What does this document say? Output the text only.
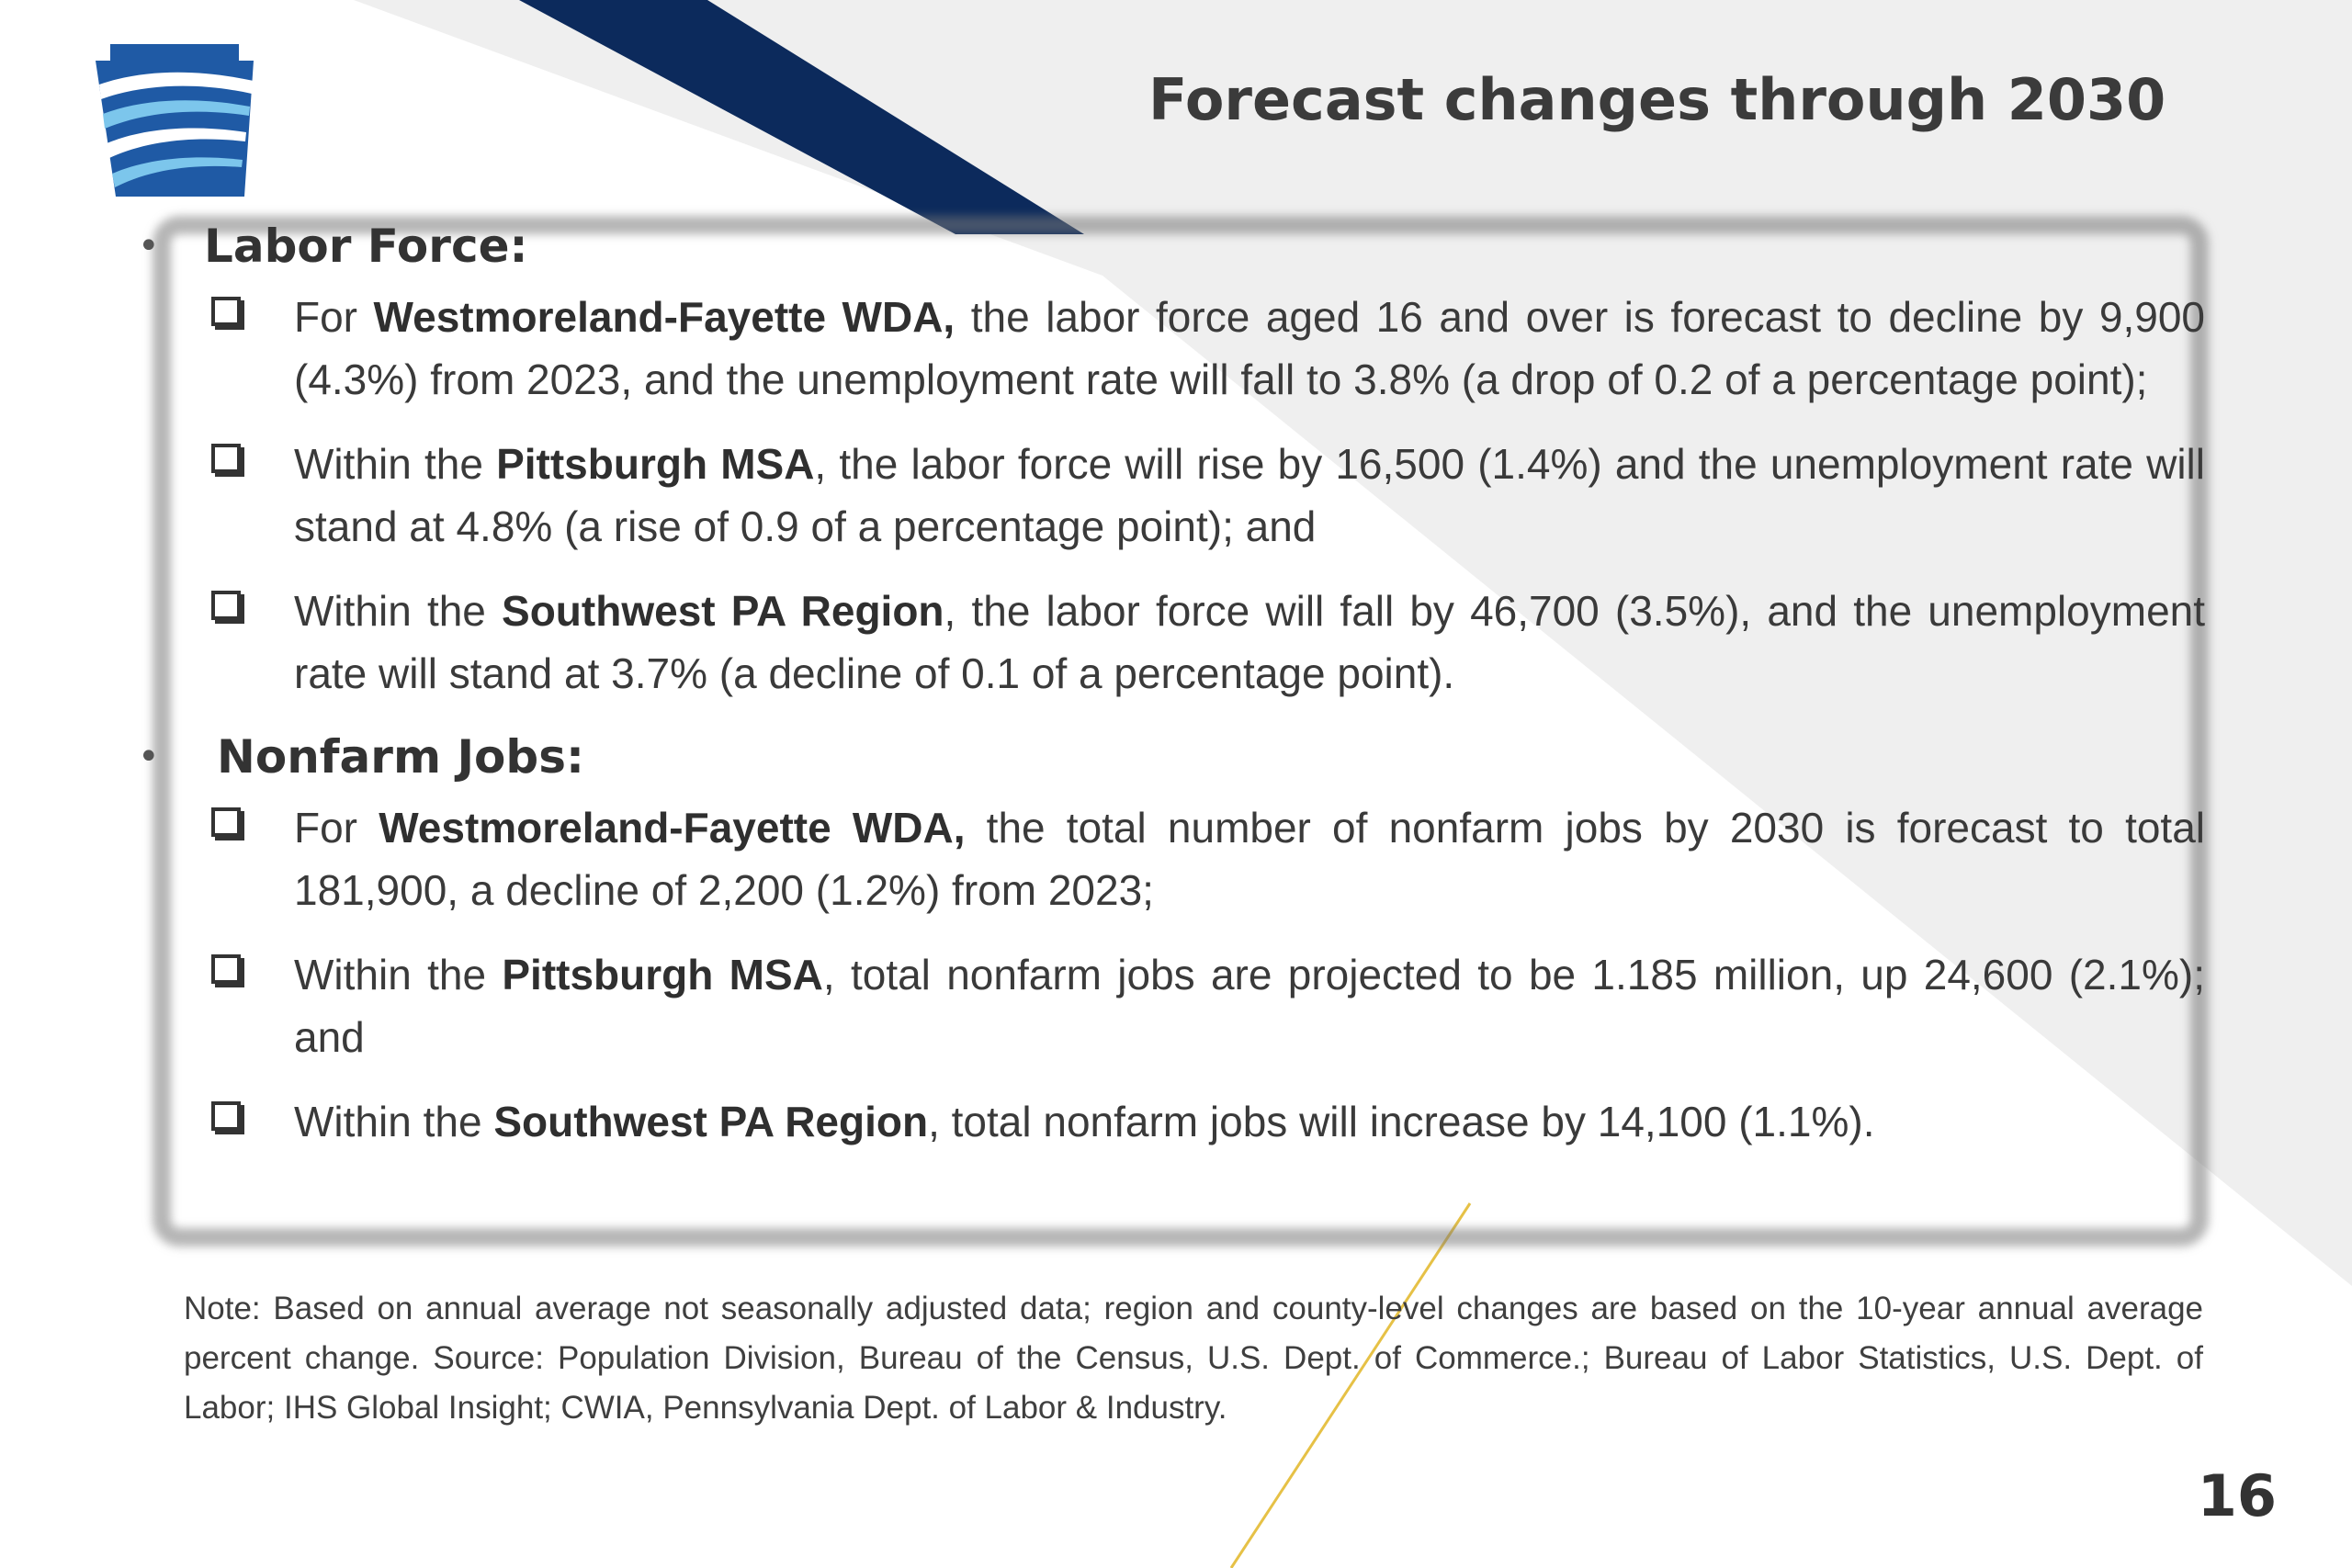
Forecast changes through 2030
• Labor Force:
For Westmoreland-Fayette WDA, the labor force aged 16 and over is forecast to decline by 9,900 (4.3%) from 2023, and the unemployment rate will fall to 3.8% (a drop of 0.2 of a percentage point);
Within the Pittsburgh MSA, the labor force will rise by 16,500 (1.4%) and the unemployment rate will stand at 4.8% (a rise of 0.9 of a percentage point); and
Within the Southwest PA Region, the labor force will fall by 46,700 (3.5%), and the unemployment rate will stand at 3.7% (a decline of 0.1 of a percentage point).
• Nonfarm Jobs:
For Westmoreland-Fayette WDA, the total number of nonfarm jobs by 2030 is forecast to total 181,900, a decline of 2,200 (1.2%) from 2023;
Within the Pittsburgh MSA, total nonfarm jobs are projected to be 1.185 million, up 24,600 (2.1%); and
Within the Southwest PA Region, total nonfarm jobs will increase by 14,100 (1.1%).
Note: Based on annual average not seasonally adjusted data; region and county-level changes are based on the 10-year annual average percent change. Source: Population Division, Bureau of the Census, U.S. Dept. of Commerce.; Bureau of Labor Statistics, U.S. Dept. of Labor; IHS Global Insight; CWIA, Pennsylvania Dept. of Labor & Industry.
16
